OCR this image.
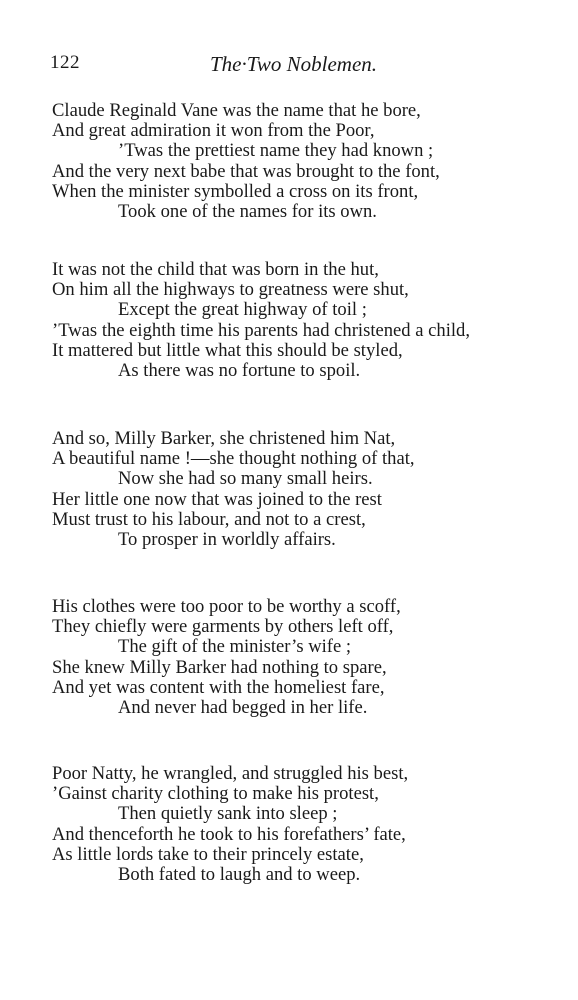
122	The·Two Noblemen.
Claude Reginald Vane was the name that he bore,
And great admiration it won from the Poor,
’Twas the prettiest name they had known ;
And the very next babe that was brought to the font,
When the minister symbolled a cross on its front,
Took one of the names for its own.
It was not the child that was born in the hut,
On him all the highways to greatness were shut,
Except the great highway of toil ;
’Twas the eighth time his parents had christened a child,
It mattered but little what this should be styled,
As there was no fortune to spoil.
And so, Milly Barker, she christened him Nat,
A beautiful name !—she thought nothing of that,
Now she had so many small heirs.
Her little one now that was joined to the rest
Must trust to his labour, and not to a crest,
To prosper in worldly affairs.
His clothes were too poor to be worthy a scoff,
They chiefly were garments by others left off,
The gift of the minister’s wife ;
She knew Milly Barker had nothing to spare,
And yet was content with the homeliest fare,
And never had begged in her life.
Poor Natty, he wrangled, and struggled his best,
’Gainst charity clothing to make his protest,
Then quietly sank into sleep ;
And thenceforth he took to his forefathers’ fate,
As little lords take to their princely estate,
Both fated to laugh and to weep.
